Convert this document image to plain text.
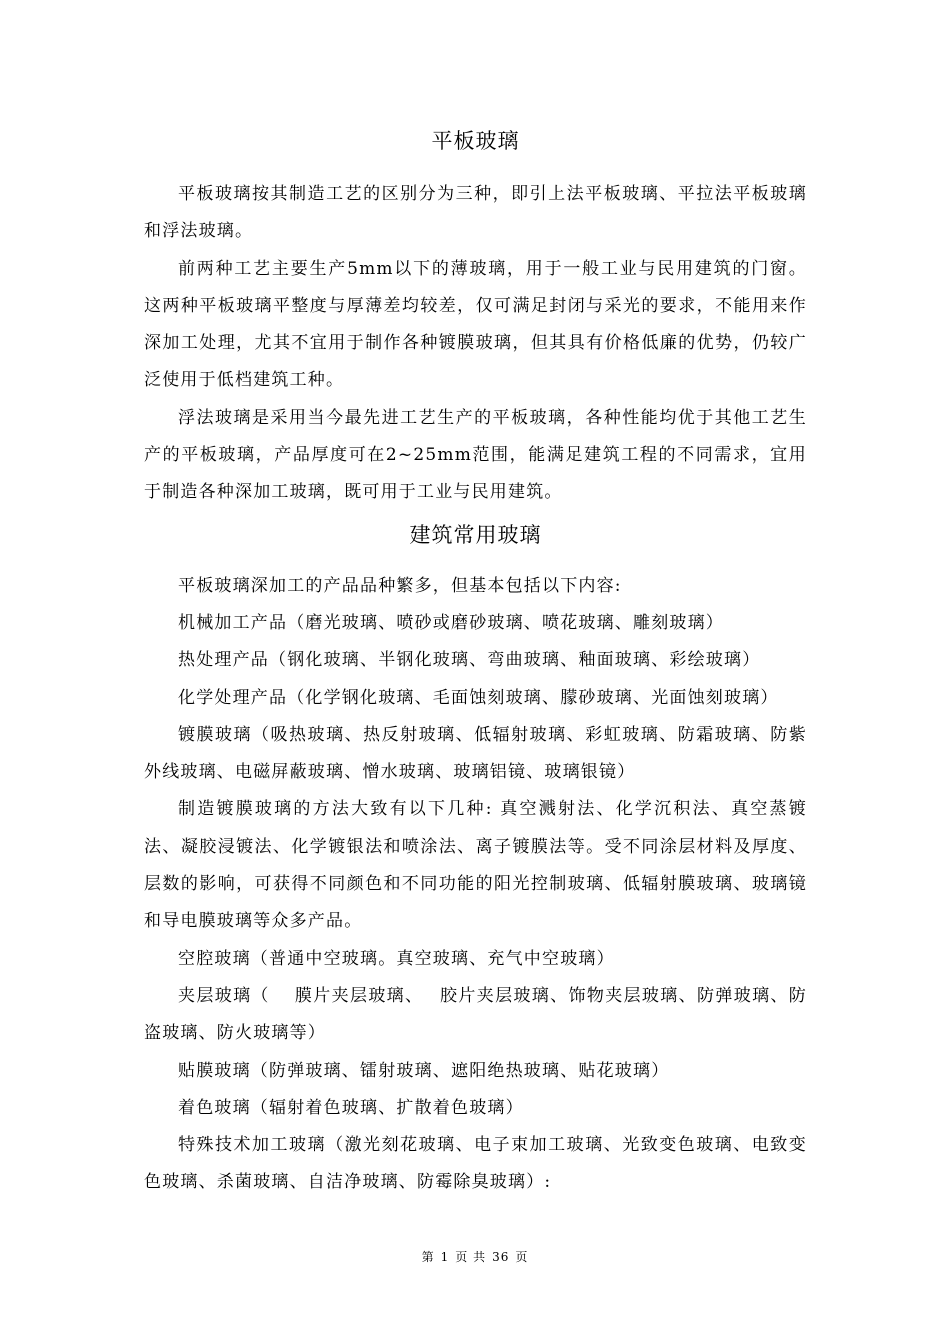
平板玻璃

平板玻璃按其制造工艺的区别分为三种，即引上法平板玻璃、平拉法平板玻璃和浮法玻璃。

前两种工艺主要生产5mm以下的薄玻璃，用于一般工业与民用建筑的门窗。这两种平板玻璃平整度与厚薄差均较差，仅可满足封闭与采光的要求，不能用来作深加工处理，尤其不宜用于制作各种镀膜玻璃，但其具有价格低廉的优势，仍较广泛使用于低档建筑工种。

浮法玻璃是采用当今最先进工艺生产的平板玻璃，各种性能均优于其他工艺生产的平板玻璃，产品厚度可在2~25mm范围，能满足建筑工程的不同需求，宜用于制造各种深加工玻璃，既可用于工业与民用建筑。

建筑常用玻璃

平板玻璃深加工的产品品种繁多，但基本包括以下内容:

机械加工产品（磨光玻璃、喷砂或磨砂玻璃、喷花玻璃、雕刻玻璃）

热处理产品（钢化玻璃、半钢化玻璃、弯曲玻璃、釉面玻璃、彩绘玻璃）

化学处理产品（化学钢化玻璃、毛面蚀刻玻璃、朦砂玻璃、光面蚀刻玻璃）

镀膜玻璃（吸热玻璃、热反射玻璃、低辐射玻璃、彩虹玻璃、防霜玻璃、防紫外线玻璃、电磁屏蔽玻璃、憎水玻璃、玻璃铝镜、玻璃银镜）

制造镀膜玻璃的方法大致有以下几种: 真空溅射法、化学沉积法、真空蒸镀法、凝胶浸镀法、化学镀银法和喷涂法、离子镀膜法等。受不同涂层材料及厚度、层数的影响，可获得不同颜色和不同功能的阳光控制玻璃、低辐射膜玻璃、玻璃镜和导电膜玻璃等众多产品。

空腔玻璃（普通中空玻璃。真空玻璃、充气中空玻璃）

夹层玻璃（　 膜片夹层玻璃、　 胶片夹层玻璃、饰物夹层玻璃、防弹玻璃、防盗玻璃、防火玻璃等）

贴膜玻璃（防弹玻璃、镭射玻璃、遮阳绝热玻璃、贴花玻璃）

着色玻璃（辐射着色玻璃、扩散着色玻璃）

特殊技术加工玻璃（激光刻花玻璃、电子束加工玻璃、光致变色玻璃、电致变色玻璃、杀菌玻璃、自洁净玻璃、防霉除臭玻璃）:

第 1 页 共 36 页
